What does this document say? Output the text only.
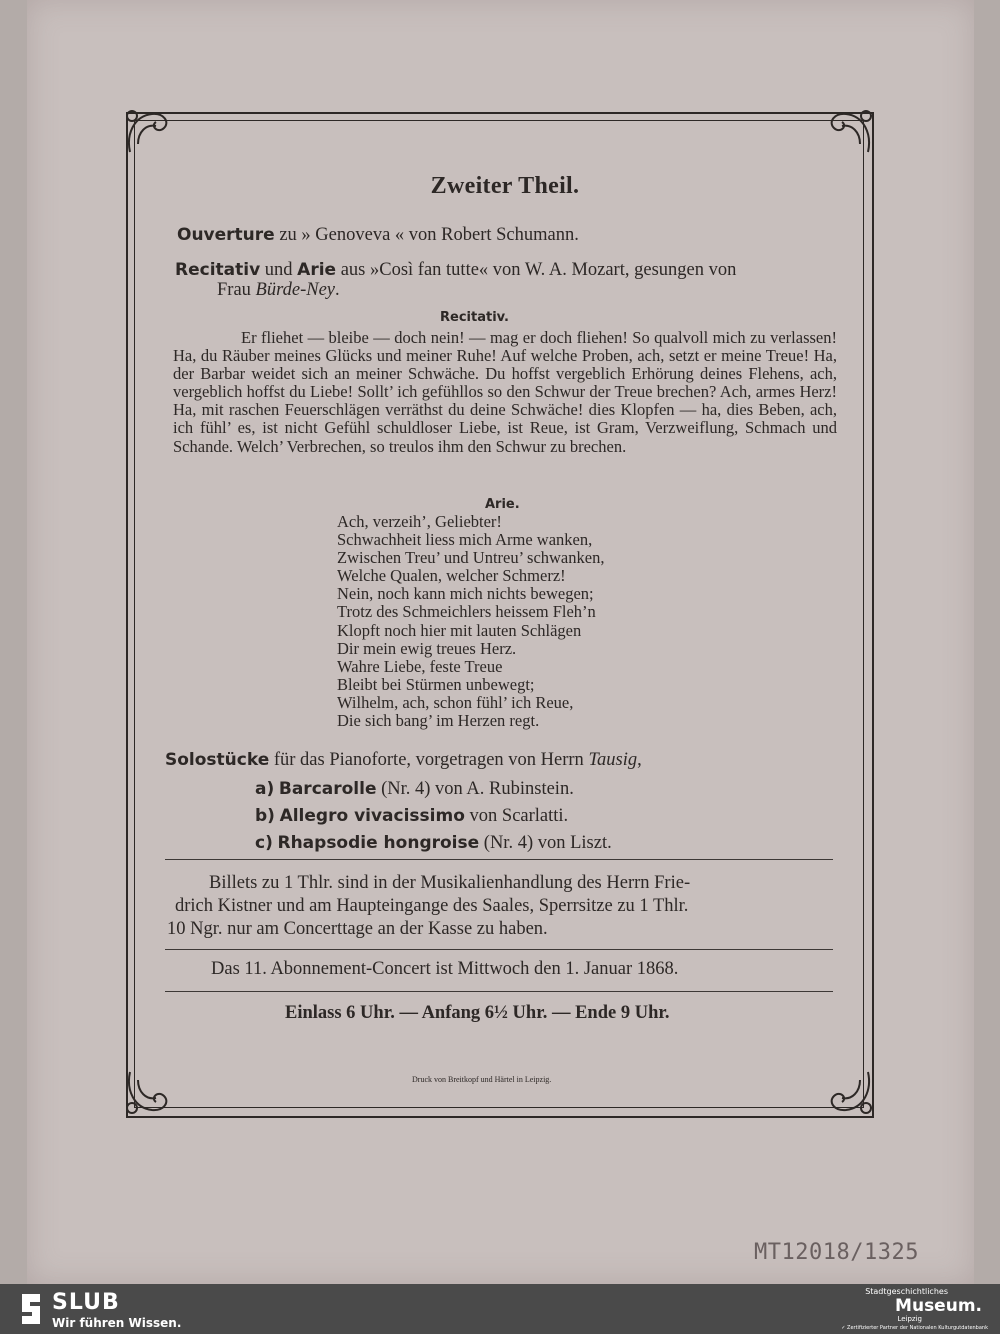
Zweiter Theil.
Ouverture zu » Genoveva « von Robert Schumann.
Recitativ und Arie aus »Così fan tutte« von W. A. Mozart, gesungen von
Frau Bürde-Ney.
Recitativ.
Er fliehet — bleibe — doch nein! — mag er doch fliehen! So qualvoll mich zu verlassen! Ha, du Räuber meines Glücks und meiner Ruhe! Auf welche Proben, ach, setzt er meine Treue! Ha, der Barbar weidet sich an meiner Schwäche. Du hoffst vergeblich Erhörung deines Flehens, ach, vergeblich hoffst du Liebe! Sollt’ ich gefühllos so den Schwur der Treue brechen? Ach, armes Herz! Ha, mit raschen Feuerschlägen verräthst du deine Schwäche! dies Klopfen — ha, dies Beben, ach, ich fühl’ es, ist nicht Gefühl schuldloser Liebe, ist Reue, ist Gram, Verzweiflung, Schmach und Schande. Welch’ Verbrechen, so treulos ihm den Schwur zu brechen.
Arie.
Ach, verzeih’, Geliebter!
Schwachheit liess mich Arme wanken,
Zwischen Treu’ und Untreu’ schwanken,
Welche Qualen, welcher Schmerz!
Nein, noch kann mich nichts bewegen;
Trotz des Schmeichlers heissem Fleh’n
Klopft noch hier mit lauten Schlägen
Dir mein ewig treues Herz.
Wahre Liebe, feste Treue
Bleibt bei Stürmen unbewegt;
Wilhelm, ach, schon fühl’ ich Reue,
Die sich bang’ im Herzen regt.
Solostücke für das Pianoforte, vorgetragen von Herrn Tausig,
a) Barcarolle (Nr. 4) von A. Rubinstein.
b) Allegro vivacissimo von Scarlatti.
c) Rhapsodie hongroise (Nr. 4) von Liszt.
Billets zu 1 Thlr. sind in der Musikalienhandlung des Herrn Frie-
drich Kistner und am Haupteingange des Saales, Sperrsitze zu 1 Thlr.
10 Ngr. nur am Concerttage an der Kasse zu haben.
Das 11. Abonnement-Concert ist Mittwoch den 1. Januar 1868.
Einlass 6 Uhr. — Anfang 6½ Uhr. — Ende 9 Uhr.
Druck von Breitkopf und Härtel in Leipzig.
MT12018/1325
SLUB
Wir führen Wissen.
Stadtgeschichtliches
Museum.
Leipzig
✓ Zertifizierter Partner der Nationalen Kulturgutdatenbank
